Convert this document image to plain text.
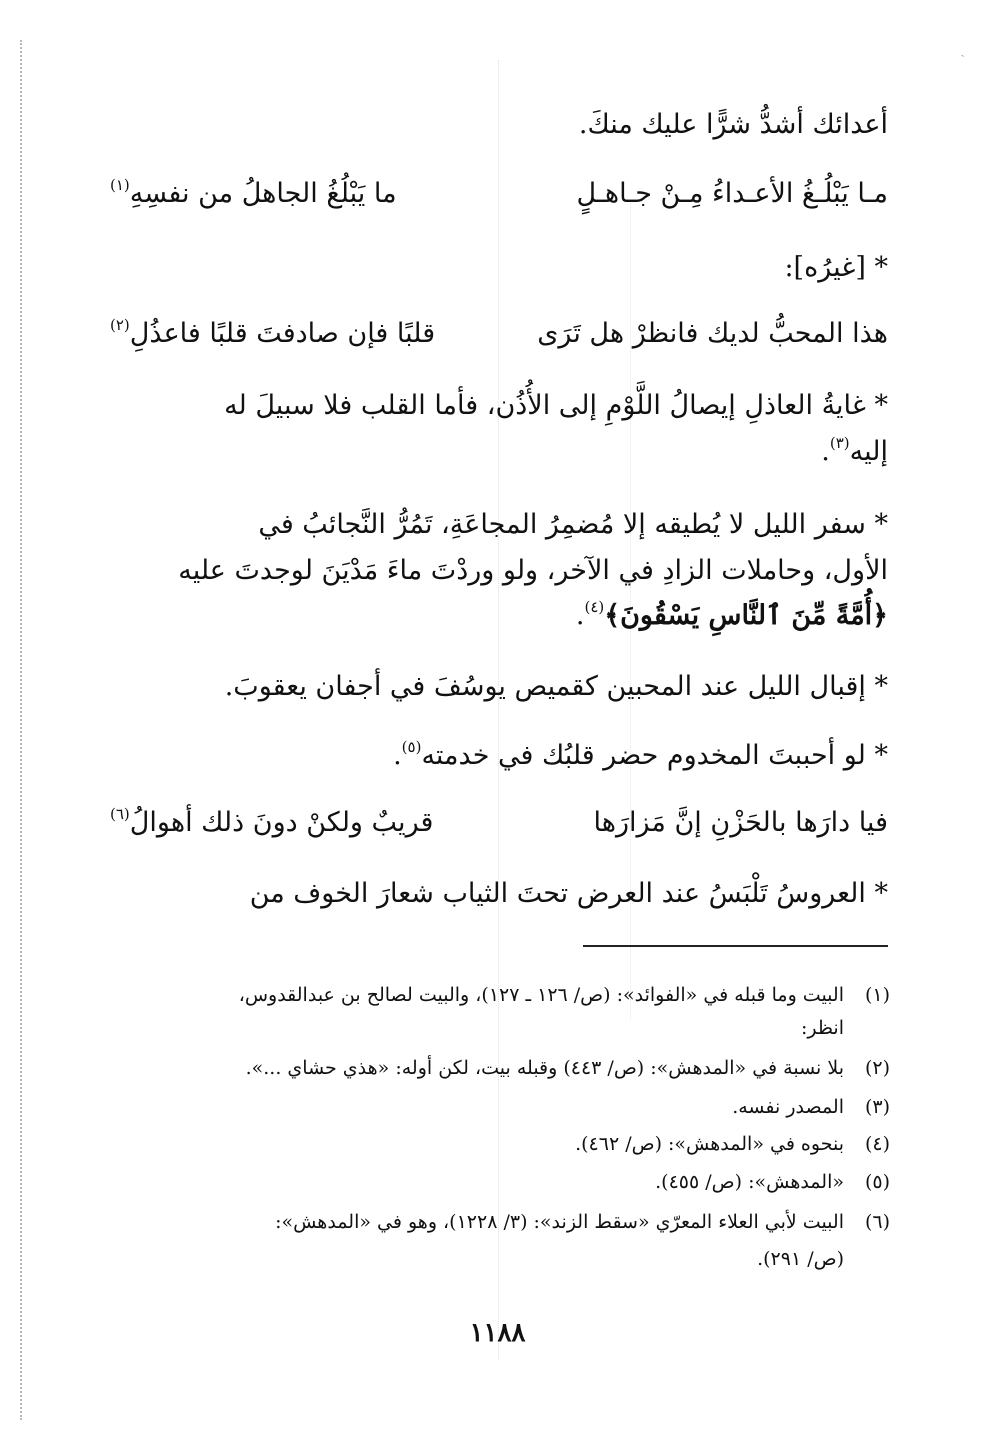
ˎ
أعدائك أشدُّ شرًّا عليك منكَ.
مـا يَبْلُـغُ الأعـداءُ مِـنْ جـاهـلٍ
ما يَبْلُغُ الجاهلُ من نفسِهِ$^{(١)}$
* [غيرُه]:
هذا المحبُّ لديك فانظرْ هل تَرَى
قلبًا فإن صادفتَ قلبًا فاعذُلِ$^{(٢)}$
* غايةُ العاذلِ إيصالُ اللَّوْمِ إلى الأُذُن، فأما القلب فلا سبيلَ له
إليه$^{(٣)}$.
* سفر الليل لا يُطيقه إلا مُضمِرُ المجاعَةِ، تَمُرُّ النَّجائبُ في
الأول، وحاملات الزادِ في الآخر، ولو وردْتَ ماءَ مَدْيَنَ لوجدتَ عليه
﴿أُمَّةً مِّنَ ٱلنَّاسِ يَسْقُونَ﴾$^{(٤)}$.
* إقبال الليل عند المحبين كقميص يوسُفَ في أجفان يعقوبَ.
* لو أحببتَ المخدوم حضر قلبُك في خدمته$^{(٥)}$.
فيا دارَها بالحَزْنِ إنَّ مَزارَها
قريبٌ ولكنْ دونَ ذلك أهوالُ$^{(٦)}$
* العروسُ تَلْبَسُ عند العرض تحتَ الثياب شعارَ الخوف من
(١)
البيت وما قبله في «الفوائد»: (ص/ ١٢٦ ـ ١٢٧)، والبيت لصالح بن عبدالقدوس،
انظر:
(٢)
بلا نسبة في «المدهش»: (ص/ ٤٤٣) وقبله بيت، لكن أوله: «هذي حشاي ...».
(٣)
المصدر نفسه.
(٤)
بنحوه في «المدهش»: (ص/ ٤٦٢).
(٥)
«المدهش»: (ص/ ٤٥٥).
(٦)
البيت لأبي العلاء المعرّي «سقط الزند»: (٣/ ١٢٢٨)، وهو في «المدهش»:
(ص/ ٢٩١).
١١٨٨
